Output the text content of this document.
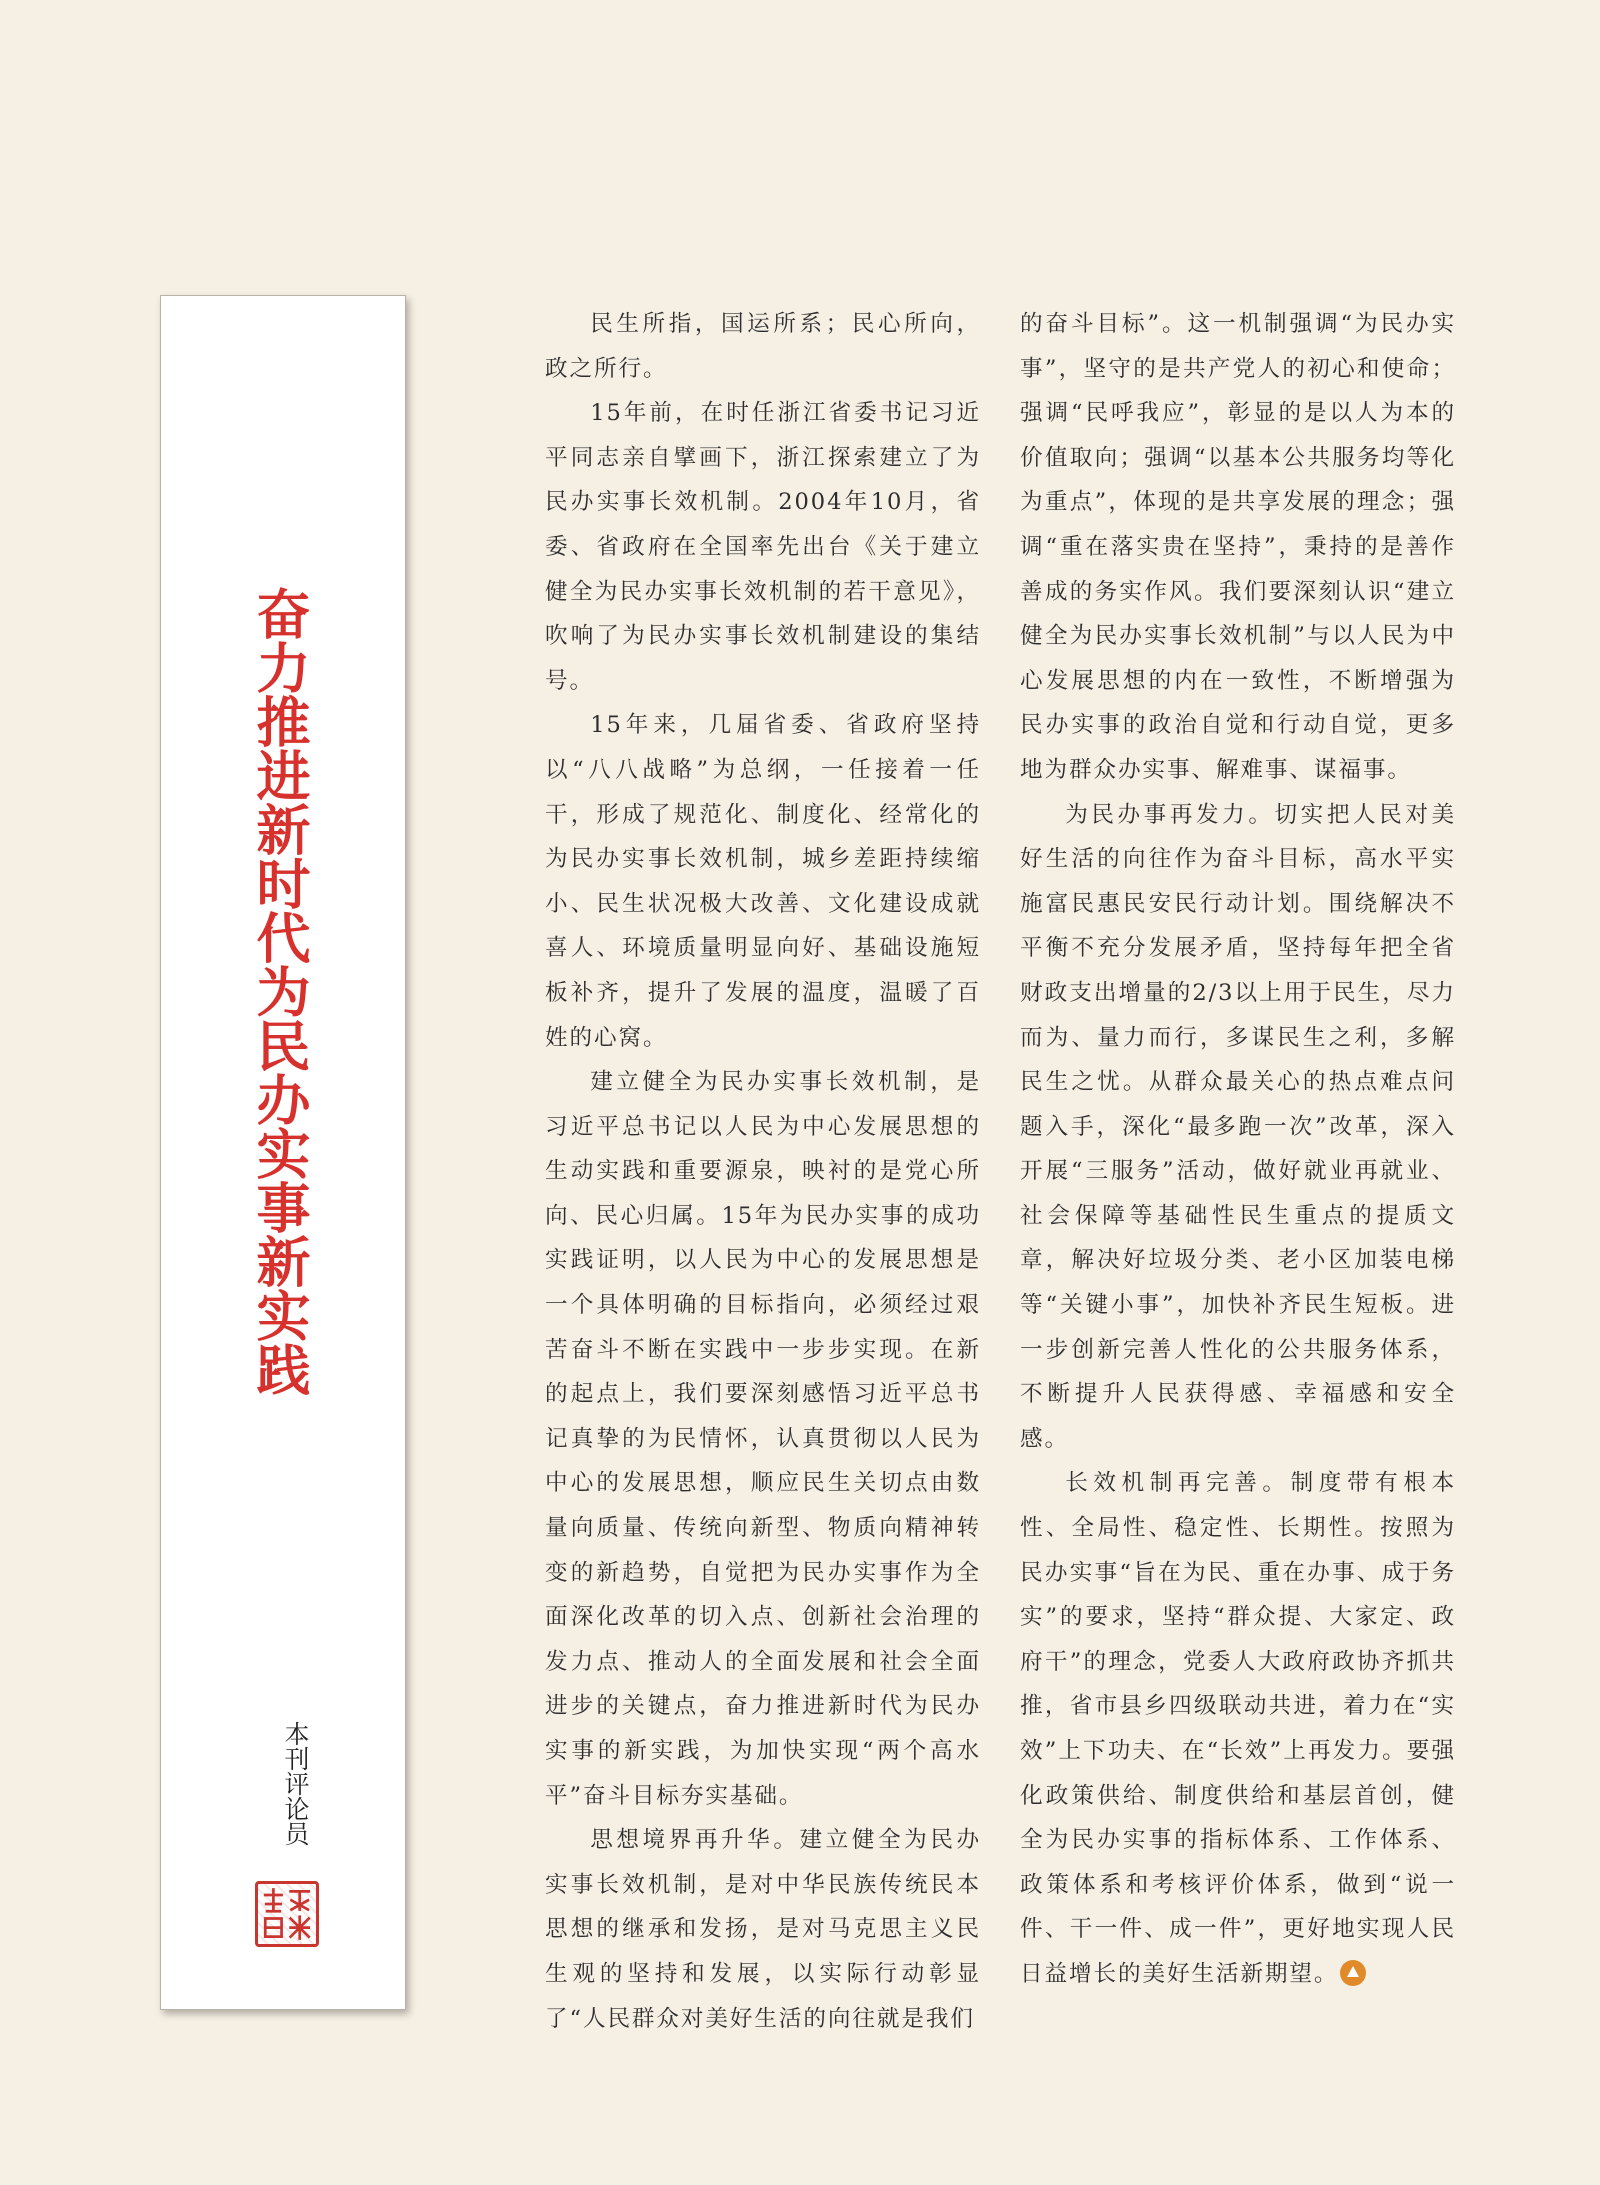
奋力推进新时代为民办实事新实践
本刊评论员

民生所指，国运所系；民心所向，政之所行。

15年前，在时任浙江省委书记习近平同志亲自擘画下，浙江探索建立了为民办实事长效机制。2004年10月，省委、省政府在全国率先出台《关于建立健全为民办实事长效机制的若干意见》，吹响了为民办实事长效机制建设的集结号。

15年来，几届省委、省政府坚持以“八八战略”为总纲，一任接着一任干，形成了规范化、制度化、经常化的为民办实事长效机制，城乡差距持续缩小、民生状况极大改善、文化建设成就喜人、环境质量明显向好、基础设施短板补齐，提升了发展的温度，温暖了百姓的心窝。

建立健全为民办实事长效机制，是习近平总书记以人民为中心发展思想的生动实践和重要源泉，映衬的是党心所向、民心归属。15年为民办实事的成功实践证明，以人民为中心的发展思想是一个具体明确的目标指向，必须经过艰苦奋斗不断在实践中一步步实现。在新的起点上，我们要深刻感悟习近平总书记真挚的为民情怀，认真贯彻以人民为中心的发展思想，顺应民生关切点由数量向质量、传统向新型、物质向精神转变的新趋势，自觉把为民办实事作为全面深化改革的切入点、创新社会治理的发力点、推动人的全面发展和社会全面进步的关键点，奋力推进新时代为民办实事的新实践，为加快实现“两个高水平”奋斗目标夯实基础。

思想境界再升华。建立健全为民办实事长效机制，是对中华民族传统民本思想的继承和发扬，是对马克思主义民生观的坚持和发展，以实际行动彰显了“人民群众对美好生活的向往就是我们

的奋斗目标”。这一机制强调“为民办实事”，坚守的是共产党人的初心和使命；强调“民呼我应”，彰显的是以人为本的价值取向；强调“以基本公共服务均等化为重点”，体现的是共享发展的理念；强调“重在落实贵在坚持”，秉持的是善作善成的务实作风。我们要深刻认识“建立健全为民办实事长效机制”与以人民为中心发展思想的内在一致性，不断增强为民办实事的政治自觉和行动自觉，更多地为群众办实事、解难事、谋福事。

为民办事再发力。切实把人民对美好生活的向往作为奋斗目标，高水平实施富民惠民安民行动计划。围绕解决不平衡不充分发展矛盾，坚持每年把全省财政支出增量的2/3以上用于民生，尽力而为、量力而行，多谋民生之利，多解民生之忧。从群众最关心的热点难点问题入手，深化“最多跑一次”改革，深入开展“三服务”活动，做好就业再就业、社会保障等基础性民生重点的提质文章，解决好垃圾分类、老小区加装电梯等“关键小事”，加快补齐民生短板。进一步创新完善人性化的公共服务体系，不断提升人民获得感、幸福感和安全感。

长效机制再完善。制度带有根本性、全局性、稳定性、长期性。按照为民办实事“旨在为民、重在办事、成于务实”的要求，坚持“群众提、大家定、政府干”的理念，党委人大政府政协齐抓共推，省市县乡四级联动共进，着力在“实效”上下功夫、在“长效”上再发力。要强化政策供给、制度供给和基层首创，健全为民办实事的指标体系、工作体系、政策体系和考核评价体系，做到“说一件、干一件、成一件”，更好地实现人民日益增长的美好生活新期望。
